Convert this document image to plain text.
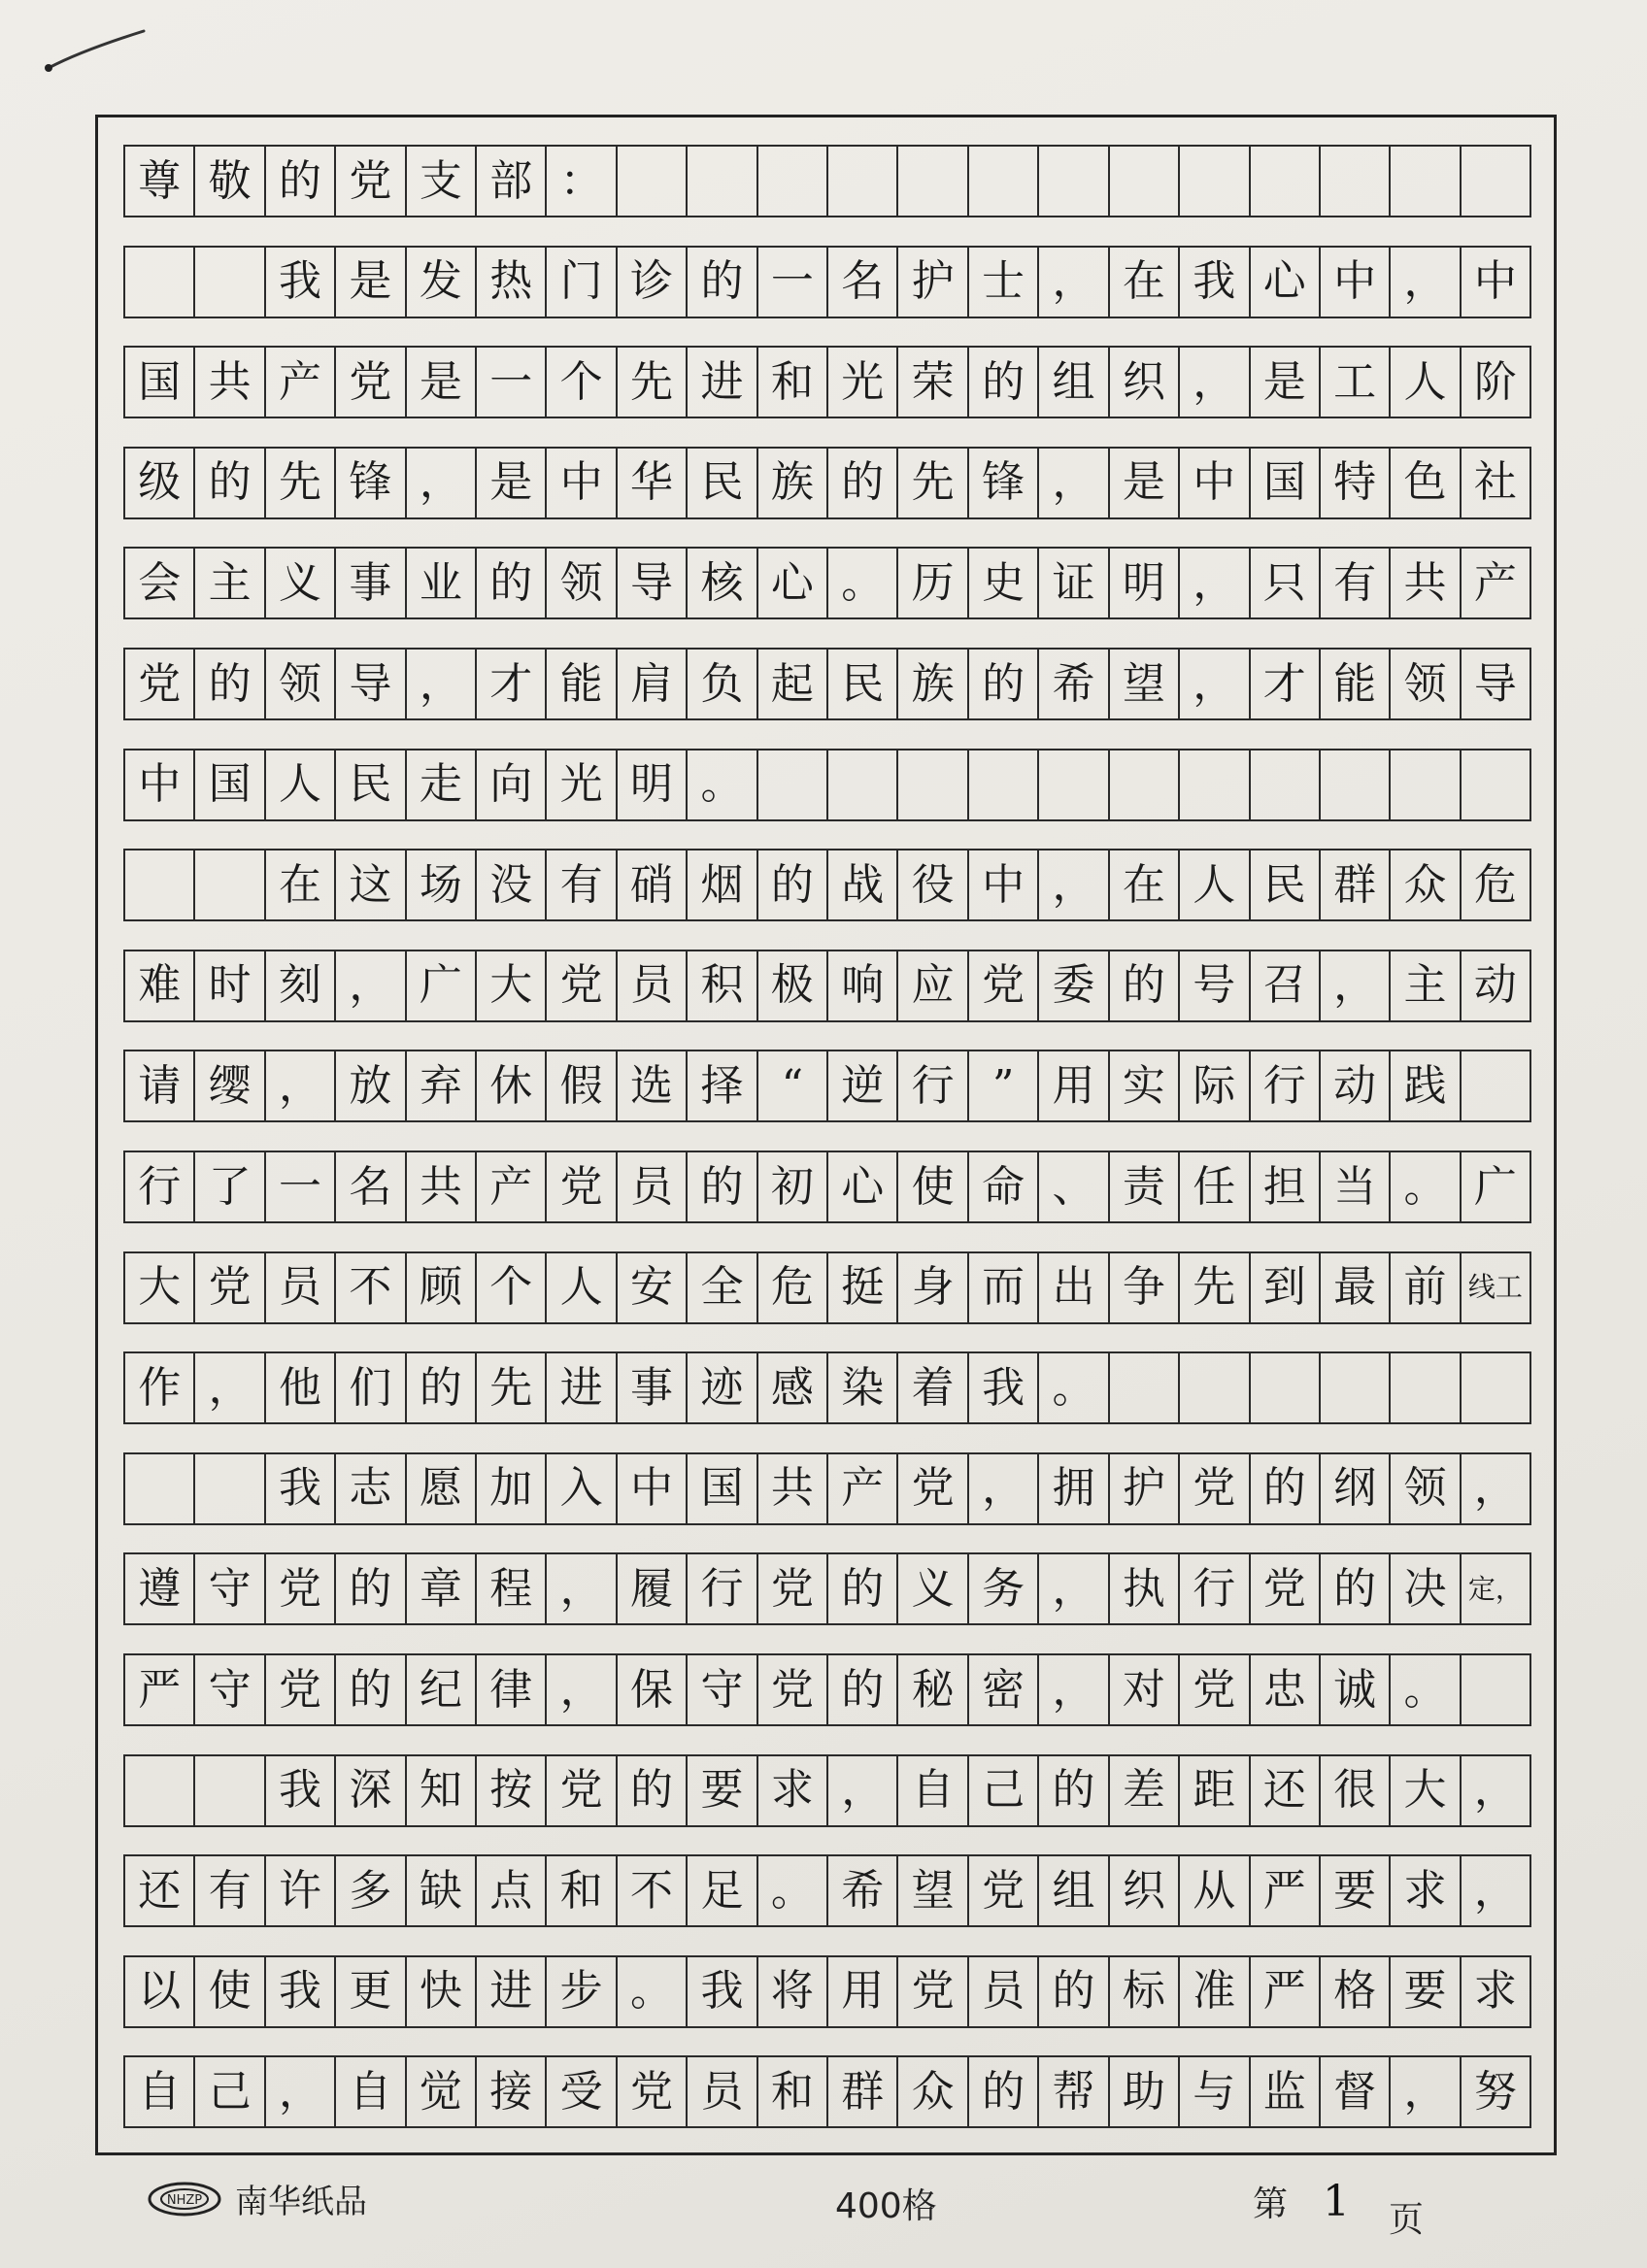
尊 敬 的 党 支 部 ：
我 是 发 热 门 诊 的 一 名 护 士 ， 在 我 心 中 ， 中
国 共 产 党 是 一 个 先 进 和 光 荣 的 组 织 ， 是 工 人 阶
级 的 先 锋 ， 是 中 华 民 族 的 先 锋 ， 是 中 国 特 色 社
会 主 义 事 业 的 领 导 核 心 。 历 史 证 明 ， 只 有 共 产
党 的 领 导 ， 才 能 肩 负 起 民 族 的 希 望 ， 才 能 领 导
中 国 人 民 走 向 光 明 。
在 这 场 没 有 硝 烟 的 战 役 中 ， 在 人 民 群 众 危
难 时 刻 ， 广 大 党 员 积 极 响 应 党 委 的 号 召 ， 主 动
请 缨 ， 放 弃 休 假 选 择 “ 逆 行 ” 用 实 际 行 动 践
行 了 一 名 共 产 党 员 的 初 心 使 命 、 责 任 担 当 。 广
大 党 员 不 顾 个 人 安 全 危 挺 身 而 出 争 先 到 最 前 线工
作 ， 他 们 的 先 进 事 迹 感 染 着 我 。
我 志 愿 加 入 中 国 共 产 党 ， 拥 护 党 的 纲 领 ，
遵 守 党 的 章 程 ， 履 行 党 的 义 务 ， 执 行 党 的 决 定，
严 守 党 的 纪 律 ， 保 守 党 的 秘 密 ， 对 党 忠 诚 。
我 深 知 按 党 的 要 求 ， 自 己 的 差 距 还 很 大 ，
还 有 许 多 缺 点 和 不 足 。 希 望 党 组 织 从 严 要 求 ，
以 使 我 更 快 进 步 。 我 将 用 党 员 的 标 准 严 格 要 求
自 己 ， 自 觉 接 受 党 员 和 群 众 的 帮 助 与 监 督 ， 努
NHZP 南华纸品	400格	第 1 页
